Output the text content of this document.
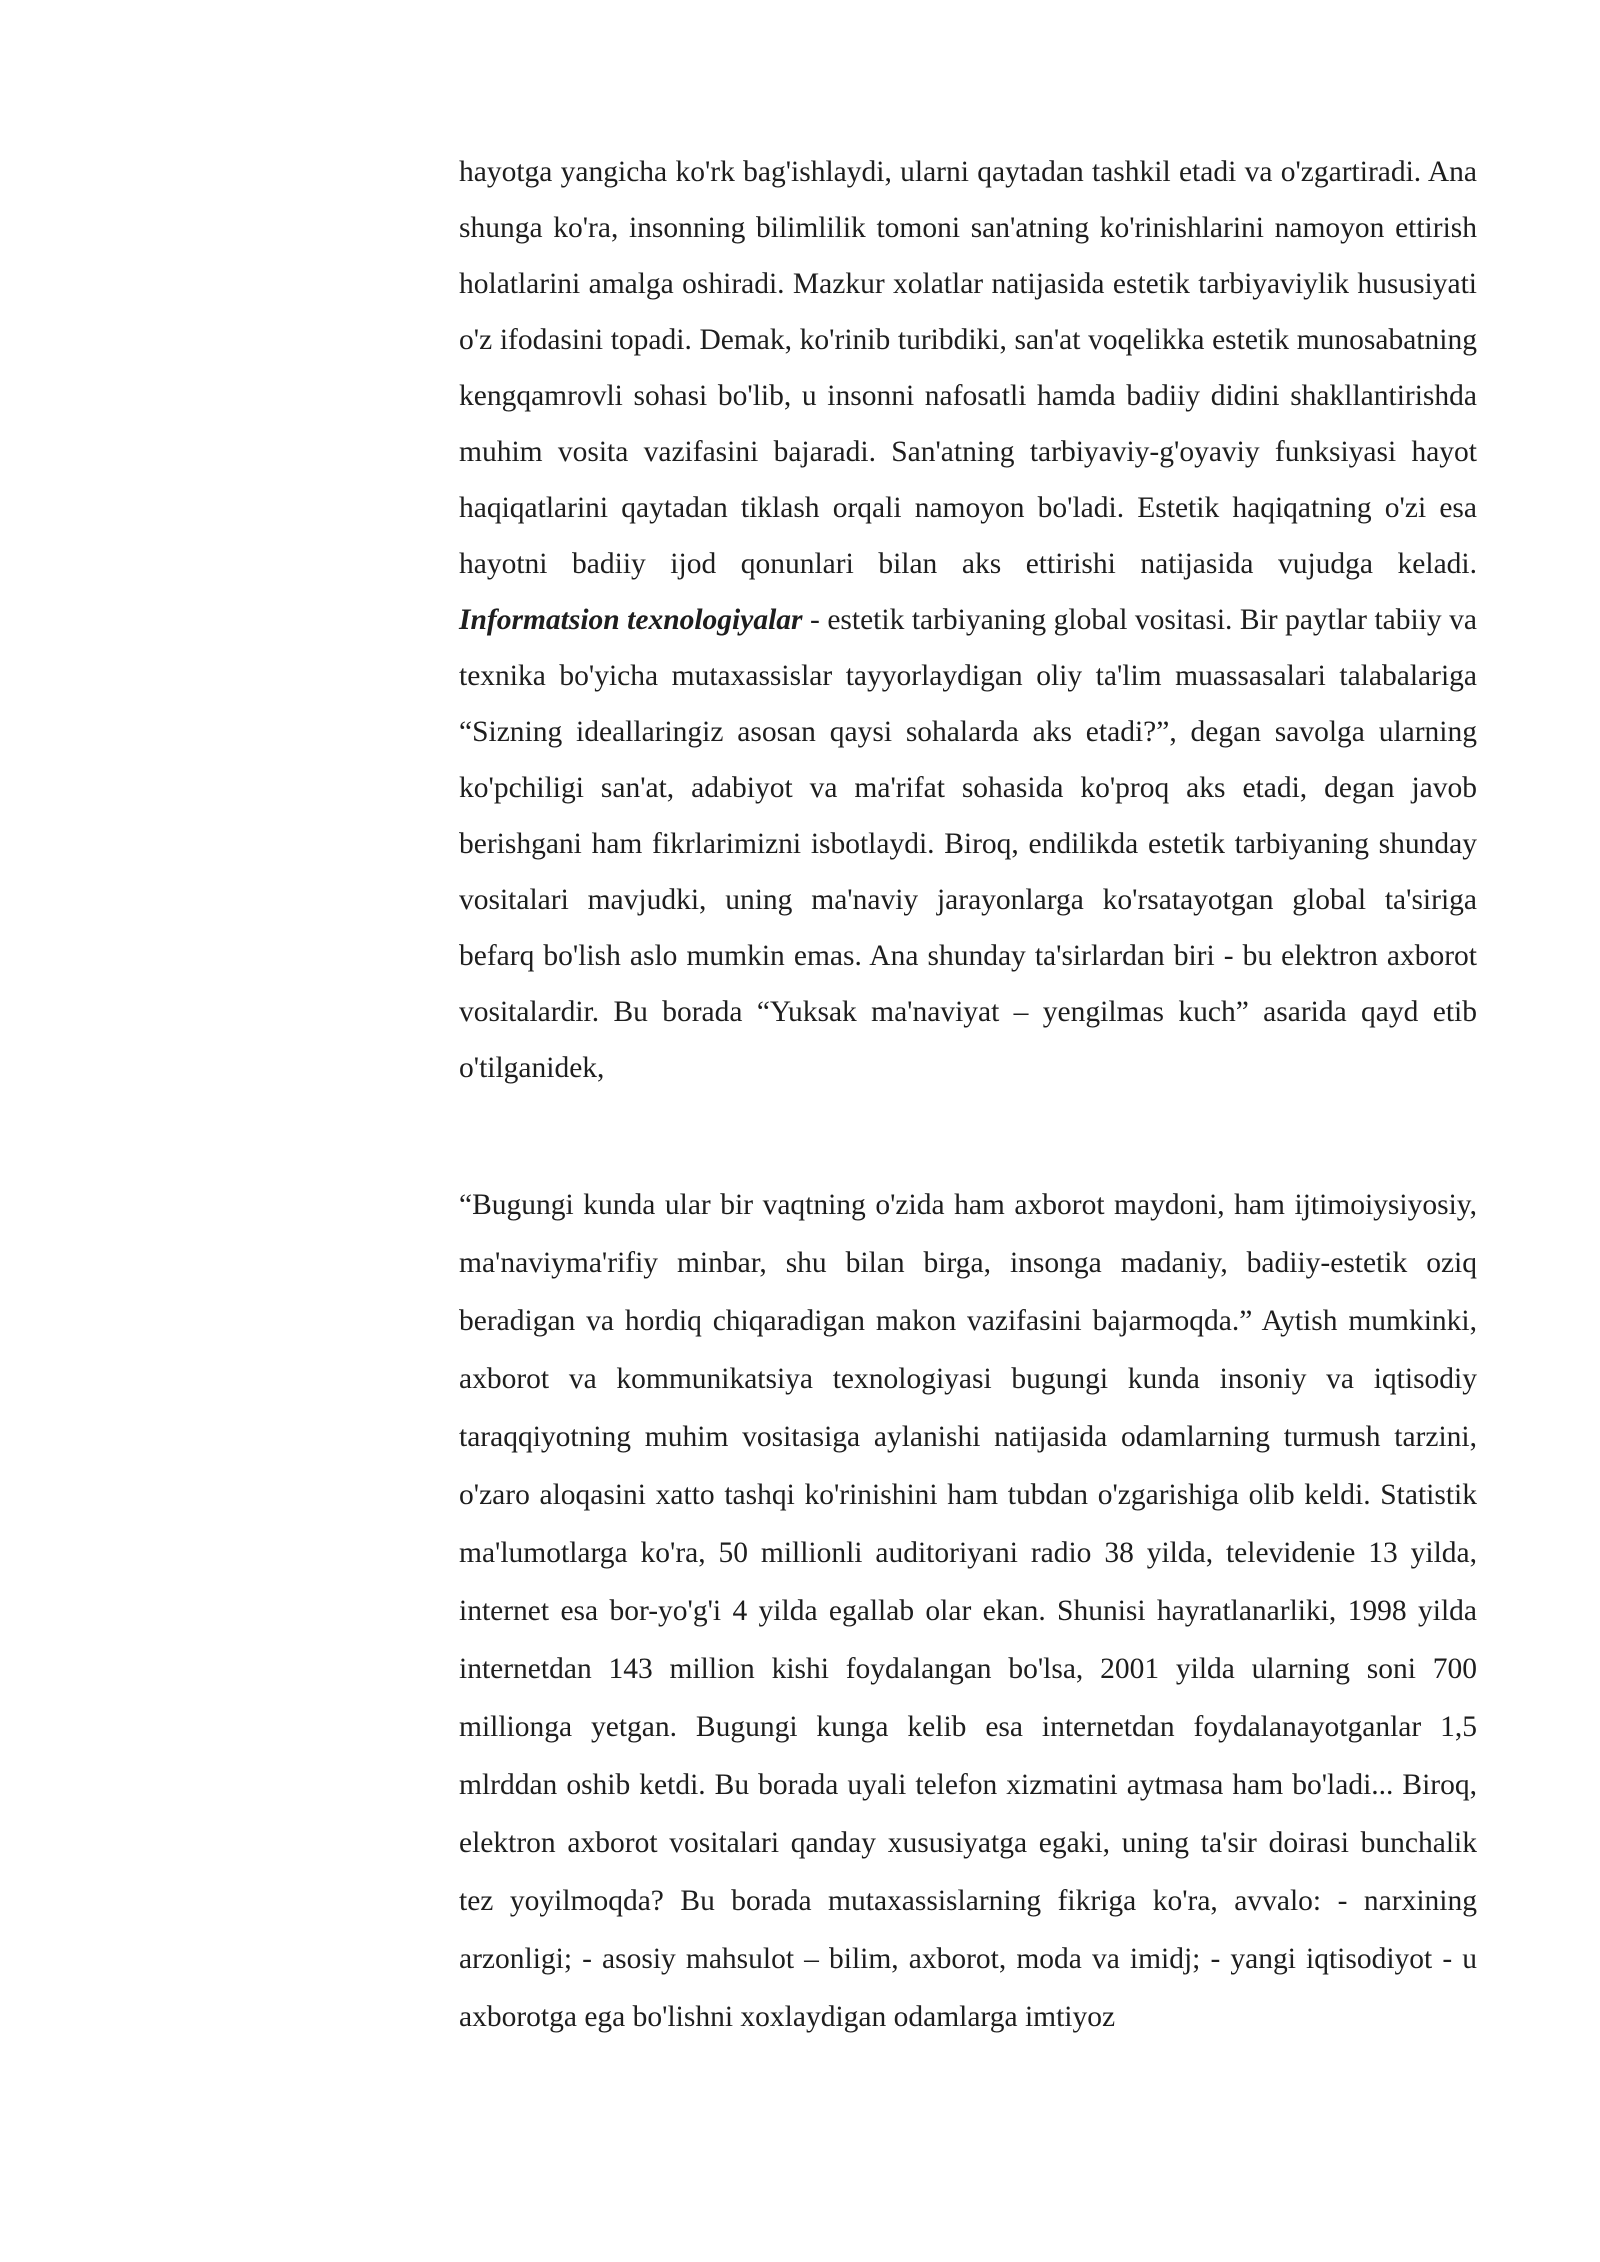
hayotga yangicha ko'rk bag'ishlaydi, ularni qaytadan tashkil etadi va o'zgartiradi. Ana shunga ko'ra, insonning bilimlilik tomoni san'atning ko'rinishlarini namoyon ettirish holatlarini amalga oshiradi. Mazkur xolatlar natijasida estetik tarbiyaviylik hususiyati o'z ifodasini topadi. Demak, ko'rinib turibdiki, san'at voqelikka estetik munosabatning kengqamrovli sohasi bo'lib, u insonni nafosatli hamda badiiy didini shakllantirishda muhim vosita vazifasini bajaradi. San'atning tarbiyaviy-g'oyaviy funksiyasi hayot haqiqatlarini qaytadan tiklash orqali namoyon bo'ladi. Estetik haqiqatning o'zi esa hayotni badiiy ijod qonunlari bilan aks ettirishi natijasida vujudga keladi. Informatsion texnologiyalar - estetik tarbiyaning global vositasi. Bir paytlar tabiiy va texnika bo'yicha mutaxassislar tayyorlaydigan oliy ta'lim muassasalari talabalariga “Sizning ideallaringiz asosan qaysi sohalarda aks etadi?”, degan savolga ularning ko'pchiligi san'at, adabiyot va ma'rifat sohasida ko'proq aks etadi, degan javob berishgani ham fikrlarimizni isbotlaydi. Biroq, endilikda estetik tarbiyaning shunday vositalari mavjudki, uning ma'naviy jarayonlarga ko'rsatayotgan global ta'siriga befarq bo'lish aslo mumkin emas. Ana shunday ta'sirlardan biri - bu elektron axborot vositalardir. Bu borada “Yuksak ma'naviyat – yengilmas kuch” asarida qayd etib o'tilganidek,

“Bugungi kunda ular bir vaqtning o'zida ham axborot maydoni, ham ijtimoiysiyosiy, ma'naviyma'rifiy minbar, shu bilan birga, insonga madaniy, badiiy-estetik oziq beradigan va hordiq chiqaradigan makon vazifasini bajarmoqda.” Aytish mumkinki, axborot va kommunikatsiya texnologiyasi bugungi kunda insoniy va iqtisodiy taraqqiyotning muhim vositasiga aylanishi natijasida odamlarning turmush tarzini, o'zaro aloqasini xatto tashqi ko'rinishini ham tubdan o'zgarishiga olib keldi. Statistik ma'lumotlarga ko'ra, 50 millionli auditoriyani radio 38 yilda, televidenie 13 yilda, internet esa bor-yo'g'i 4 yilda egallab olar ekan. Shunisi hayratlanarliki, 1998 yilda internetdan 143 million kishi foydalangan bo'lsa, 2001 yilda ularning soni 700 millionga yetgan. Bugungi kunga kelib esa internetdan foydalanayotganlar 1,5 mlrddan oshib ketdi. Bu borada uyali telefon xizmatini aytmasa ham bo'ladi... Biroq, elektron axborot vositalari qanday xususiyatga egaki, uning ta'sir doirasi bunchalik tez yoyilmoqda? Bu borada mutaxassislarning fikriga ko'ra, avvalo: - narxining arzonligi; - asosiy mahsulot – bilim, axborot, moda va imidj; - yangi iqtisodiyot - u axborotga ega bo'lishni xoxlaydigan odamlarga imtiyoz
